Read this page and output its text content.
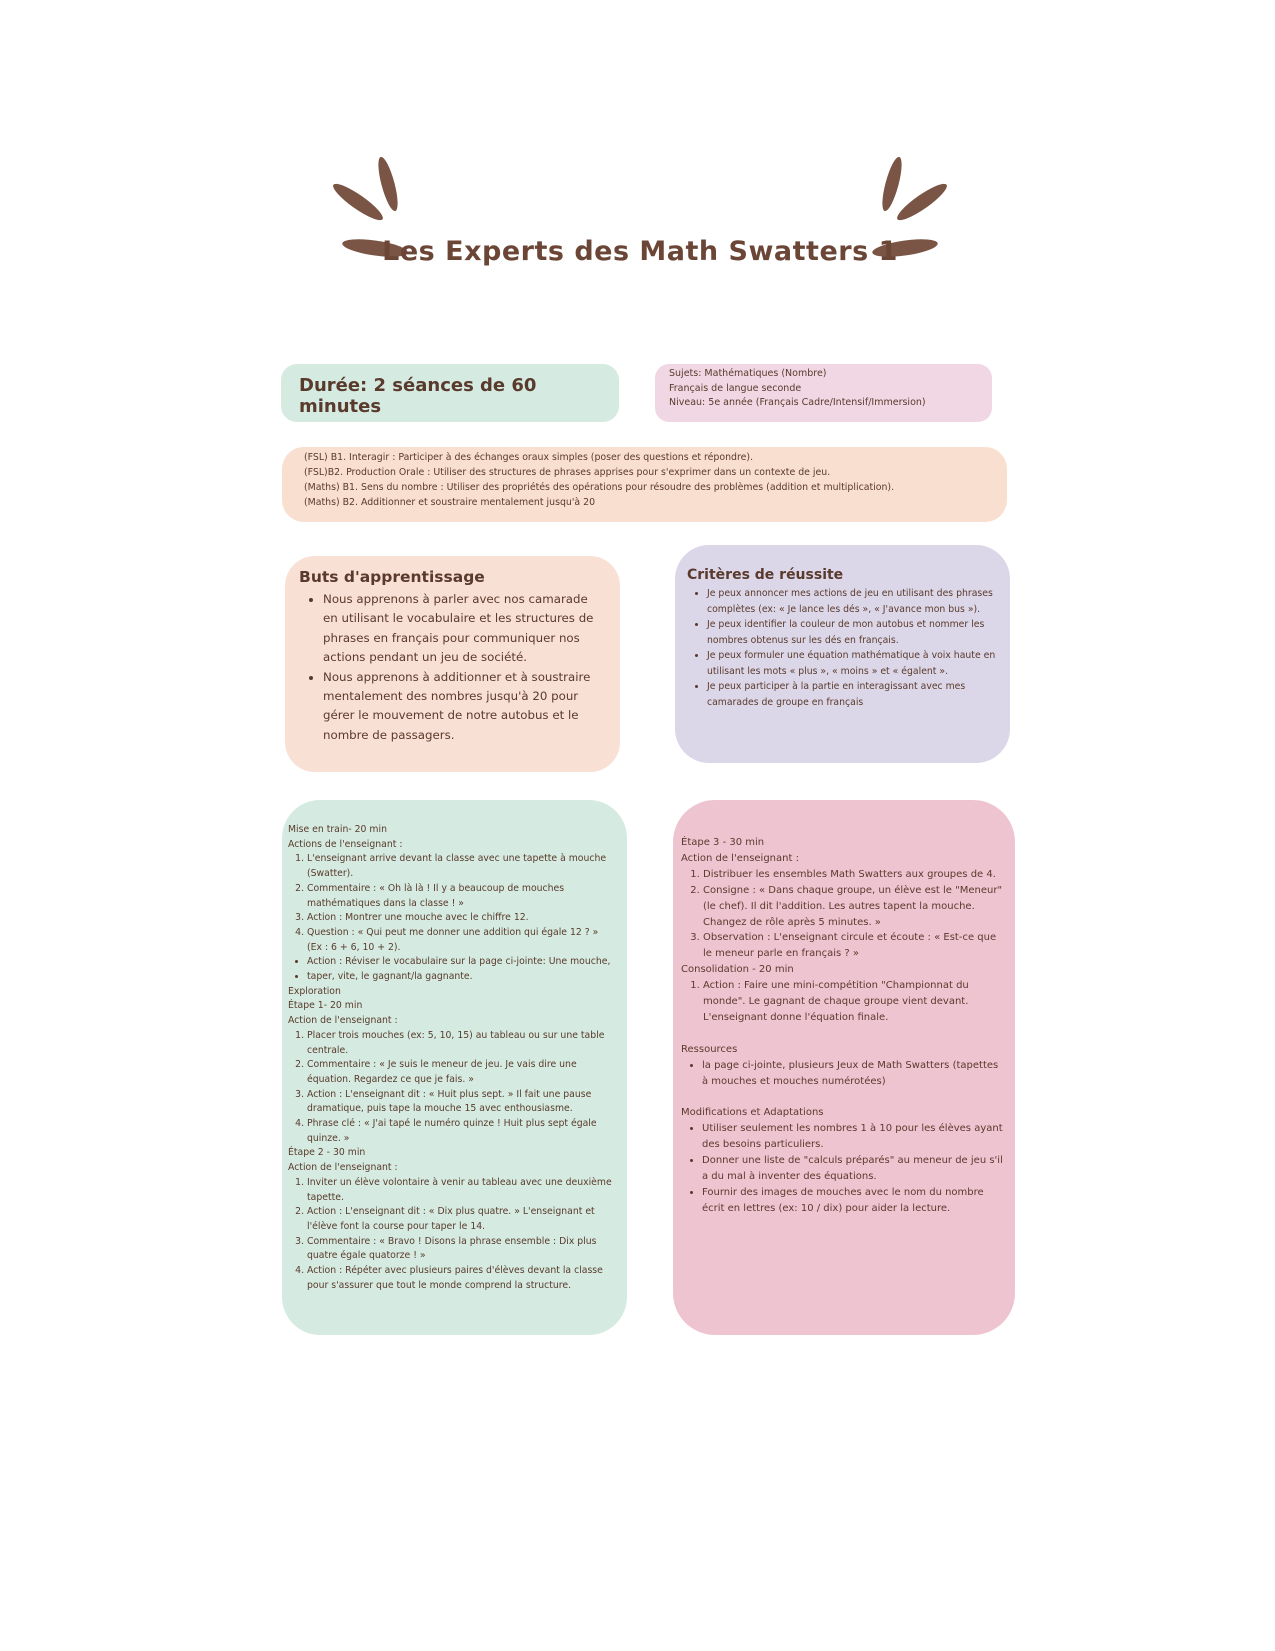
Les Experts des Math Swatters 1
Durée: 2 séances de 60 minutes
Sujets: Mathématiques (Nombre)
Français de langue seconde
Niveau: 5e année (Français Cadre/Intensif/Immersion)
(FSL) B1. Interagir : Participer à des échanges oraux simples (poser des questions et répondre).
(FSL)B2. Production Orale : Utiliser des structures de phrases apprises pour s'exprimer dans un contexte de jeu.
(Maths) B1. Sens du nombre : Utiliser des propriétés des opérations pour résoudre des problèmes (addition et multiplication).
(Maths) B2. Additionner et soustraire mentalement jusqu'à 20
Buts d'apprentissage
• Nous apprenons à parler avec nos camarade en utilisant le vocabulaire et les structures de phrases en français pour communiquer nos actions pendant un jeu de société.
• Nous apprenons à additionner et à soustraire mentalement des nombres jusqu'à 20 pour gérer le mouvement de notre autobus et le nombre de passagers.
Critères de réussite
• Je peux annoncer mes actions de jeu en utilisant des phrases complètes (ex: « Je lance les dés », « J'avance mon bus »).
• Je peux identifier la couleur de mon autobus et nommer les nombres obtenus sur les dés en français.
• Je peux formuler une équation mathématique à voix haute en utilisant les mots « plus », « moins » et « égalent ».
• Je peux participer à la partie en interagissant avec mes camarades de groupe en français
Mise en train- 20 min
Actions de l'enseignant :
1. L'enseignant arrive devant la classe avec une tapette à mouche (Swatter).
2. Commentaire : « Oh là là ! Il y a beaucoup de mouches mathématiques dans la classe ! »
3. Action : Montrer une mouche avec le chiffre 12.
4. Question : « Qui peut me donner une addition qui égale 12 ? » (Ex : 6 + 6, 10 + 2).
• Action : Réviser le vocabulaire sur la page ci-jointe: Une mouche,
• taper, vite, le gagnant/la gagnante.
Exploration
Étape 1- 20 min
Action de l'enseignant :
1. Placer trois mouches (ex: 5, 10, 15) au tableau ou sur une table centrale.
2. Commentaire : « Je suis le meneur de jeu. Je vais dire une équation. Regardez ce que je fais. »
3. Action : L'enseignant dit : « Huit plus sept. » Il fait une pause dramatique, puis tape la mouche 15 avec enthousiasme.
4. Phrase clé : « J'ai tapé le numéro quinze ! Huit plus sept égale quinze. »
Étape 2 - 30 min
Action de l'enseignant :
1. Inviter un élève volontaire à venir au tableau avec une deuxième tapette.
2. Action : L'enseignant dit : « Dix plus quatre. » L'enseignant et l'élève font la course pour taper le 14.
3. Commentaire : « Bravo ! Disons la phrase ensemble : Dix plus quatre égale quatorze ! »
4. Action : Répéter avec plusieurs paires d'élèves devant la classe pour s'assurer que tout le monde comprend la structure.
Étape 3 - 30 min
Action de l'enseignant :
1. Distribuer les ensembles Math Swatters aux groupes de 4.
2. Consigne : « Dans chaque groupe, un élève est le "Meneur" (le chef). Il dit l'addition. Les autres tapent la mouche. Changez de rôle après 5 minutes. »
3. Observation : L'enseignant circule et écoute : « Est-ce que le meneur parle en français ? »
Consolidation - 20 min
1. Action : Faire une mini-compétition "Championnat du monde". Le gagnant de chaque groupe vient devant. L'enseignant donne l'équation finale.
Ressources
• la page ci-jointe, plusieurs Jeux de Math Swatters (tapettes à mouches et mouches numérotées)
Modifications et Adaptations
• Utiliser seulement les nombres 1 à 10 pour les élèves ayant des besoins particuliers.
• Donner une liste de "calculs préparés" au meneur de jeu s'il a du mal à inventer des équations.
• Fournir des images de mouches avec le nom du nombre écrit en lettres (ex: 10 / dix) pour aider la lecture.
